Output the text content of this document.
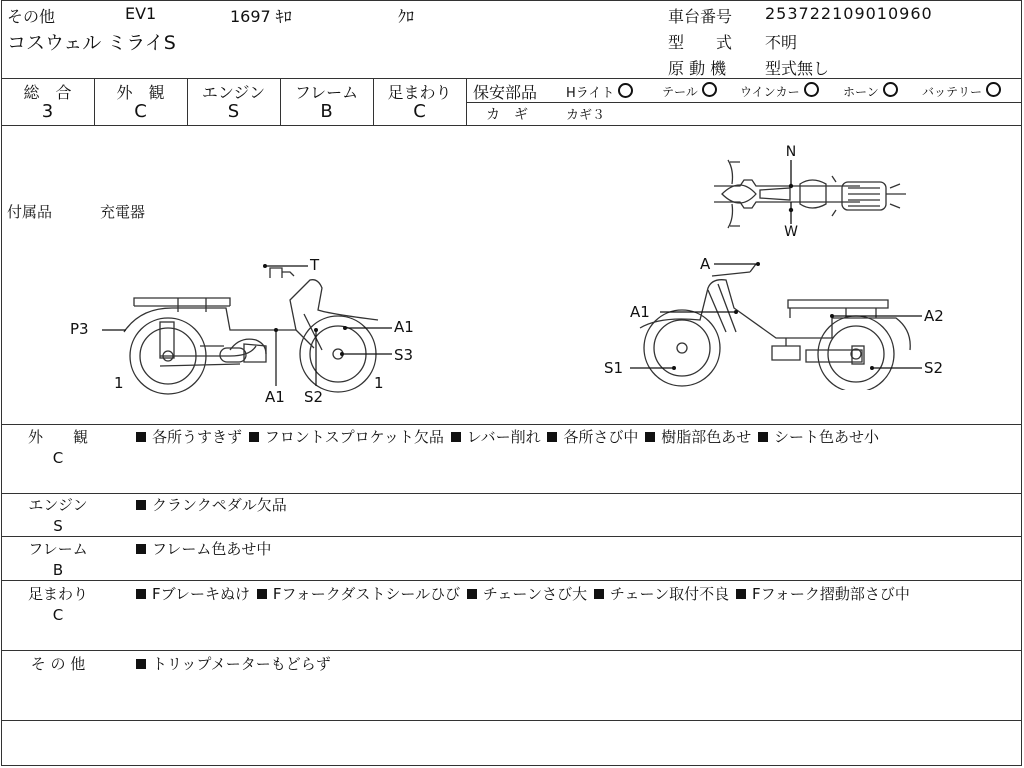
その他	EV1	1697 ｷﾛ	ｸﾛ
コスウェル ミライS
車台番号 253722109010960
型　　式 不明
原 動 機 型式無し
総　合	外　観	エンジン	フレーム	足まわり
3	C	S	B	C
保安部品 Hライト	テール	ウインカー	ホーン	バッテリー
カ　ギ	カギ３
付属品	充電器
N
W
T
A1
P3
S3
A1 S2
1	1
A
A1	A2
S1	S2
外　　観
C
各所うすきず フロントスプロケット欠品 レバー削れ 各所さび中 樹脂部色あせ シート色あせ小
エンジン
S
クランクペダル欠品
フレーム
B
フレーム色あせ中
足まわり
C
Fブレーキぬけ Fフォークダストシールひび チェーンさび大 チェーン取付不良 Fフォーク摺動部さび中
そ の 他	トリップメーターもどらず
